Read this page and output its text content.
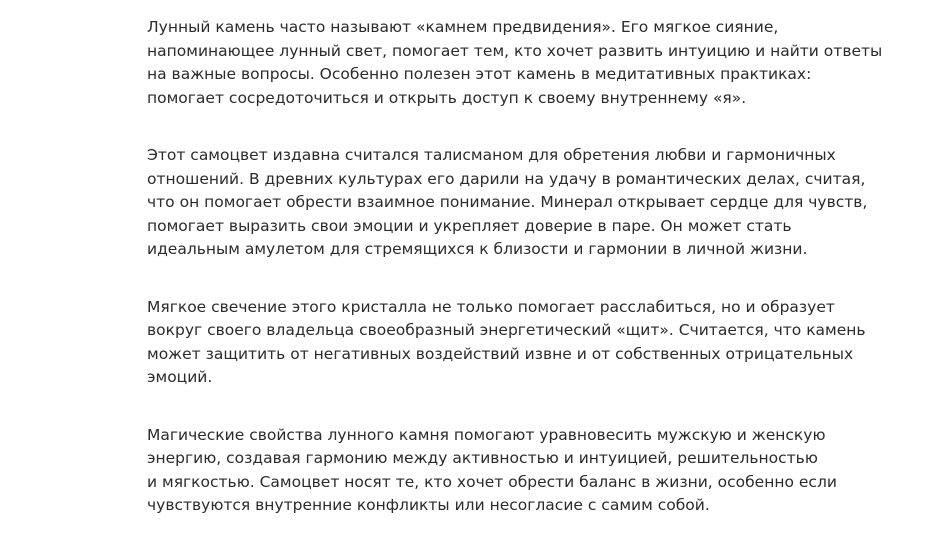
Лунный камень часто называют «камнем предвидения». Его мягкое сияние,
напоминающее лунный свет, помогает тем, кто хочет развить интуицию и найти ответы
на важные вопросы. Особенно полезен этот камень в медитативных практиках:
помогает сосредоточиться и открыть доступ к своему внутреннему «я».

Этот самоцвет издавна считался талисманом для обретения любви и гармоничных
отношений. В древних культурах его дарили на удачу в романтических делах, считая,
что он помогает обрести взаимное понимание. Минерал открывает сердце для чувств,
помогает выразить свои эмоции и укрепляет доверие в паре. Он может стать
идеальным амулетом для стремящихся к близости и гармонии в личной жизни.

Мягкое свечение этого кристалла не только помогает расслабиться, но и образует
вокруг своего владельца своеобразный энергетический «щит». Считается, что камень
может защитить от негативных воздействий извне и от собственных отрицательных
эмоций.

Магические свойства лунного камня помогают уравновесить мужскую и женскую
энергию, создавая гармонию между активностью и интуицией, решительностью
и мягкостью. Самоцвет носят те, кто хочет обрести баланс в жизни, особенно если
чувствуются внутренние конфликты или несогласие с самим собой.
